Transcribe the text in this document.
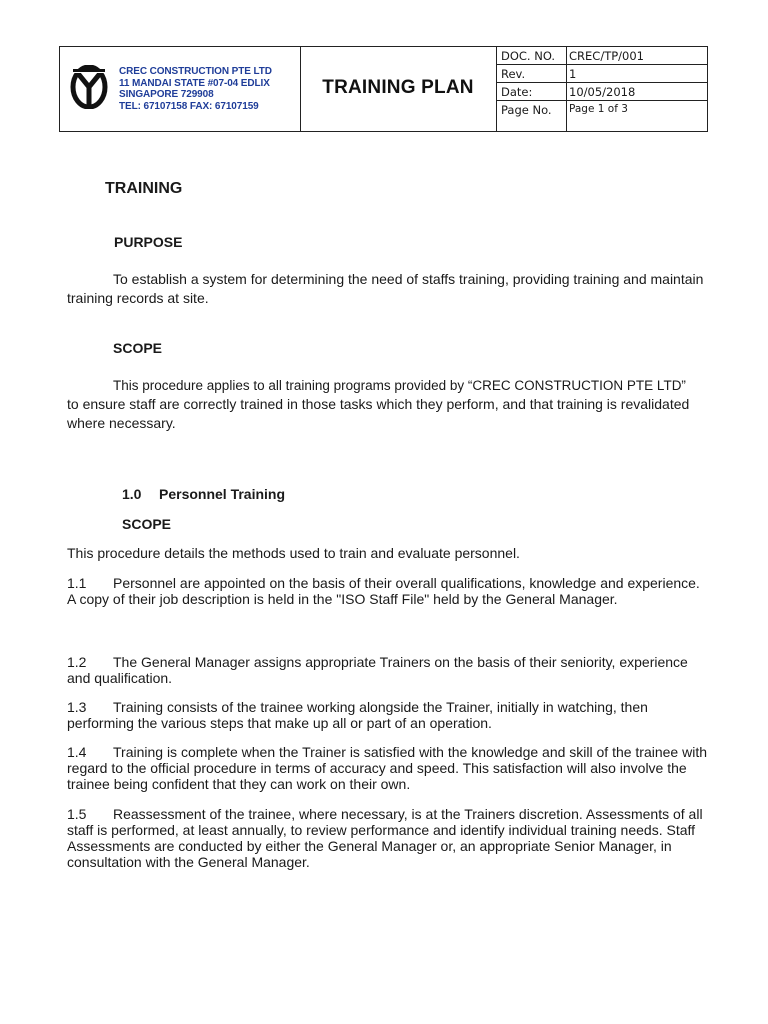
CREC CONSTRUCTION PTE LTD
11 MANDAI STATE #07-04 EDLIX
SINGAPORE 729908
TEL: 67107158 FAX: 67107159
TRAINING PLAN
DOC. NO. CREC/TP/001
Rev.	1
Date:	10/05/2018
Page No. Page 1 of 3
TRAINING
PURPOSE
To establish a system for determining the need of staffs training, providing training and maintain
training records at site.
SCOPE
This procedure applies to all training programs provided by “CREC CONSTRUCTION PTE LTD”
to ensure staff are correctly trained in those tasks which they perform, and that training is revalidated
where necessary.
1.0 Personnel Training
SCOPE
This procedure details the methods used to train and evaluate personnel.
1.1 Personnel are appointed on the basis of their overall qualifications, knowledge and experience.
A copy of their job description is held in the "ISO Staff File" held by the General Manager.
1.2 The General Manager assigns appropriate Trainers on the basis of their seniority, experience
and qualification.
1.3 Training consists of the trainee working alongside the Trainer, initially in watching, then
performing the various steps that make up all or part of an operation.
1.4 Training is complete when the Trainer is satisfied with the knowledge and skill of the trainee with
regard to the official procedure in terms of accuracy and speed. This satisfaction will also involve the
trainee being confident that they can work on their own.
1.5 Reassessment of the trainee, where necessary, is at the Trainers discretion. Assessments of all
staff is performed, at least annually, to review performance and identify individual training needs. Staff
Assessments are conducted by either the General Manager or, an appropriate Senior Manager, in
consultation with the General Manager.
